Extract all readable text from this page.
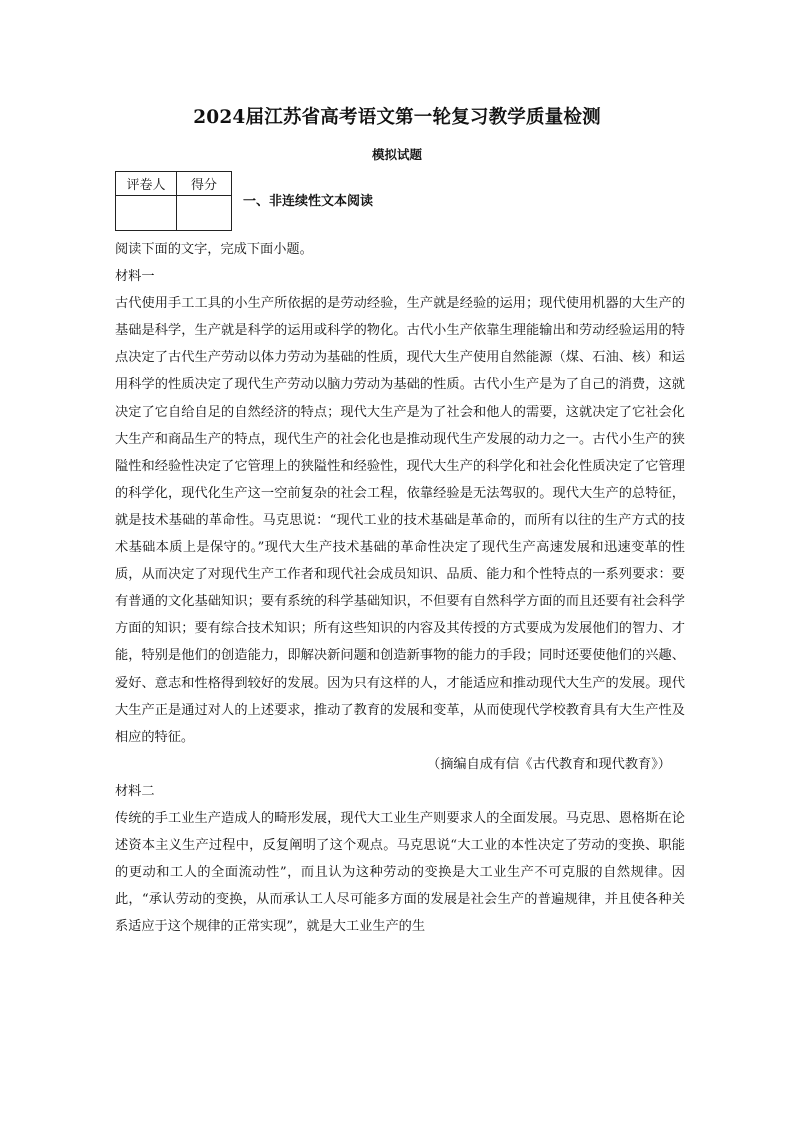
2024届江苏省高考语文第一轮复习教学质量检测
模拟试题
评卷人	得分

一、非连续性文本阅读

阅读下面的文字，完成下面小题。

材料一

古代使用手工工具的小生产所依据的是劳动经验，生产就是经验的运用；现代使用机器的大生产的基础是科学，生产就是科学的运用或科学的物化。古代小生产依靠生理能输出和劳动经验运用的特点决定了古代生产劳动以体力劳动为基础的性质，现代大生产使用自然能源（煤、石油、核）和运用科学的性质决定了现代生产劳动以脑力劳动为基础的性质。古代小生产是为了自己的消费，这就决定了它自给自足的自然经济的特点；现代大生产是为了社会和他人的需要，这就决定了它社会化大生产和商品生产的特点，现代生产的社会化也是推动现代生产发展的动力之一。古代小生产的狭隘性和经验性决定了它管理上的狭隘性和经验性，现代大生产的科学化和社会化性质决定了它管理的科学化，现代化生产这一空前复杂的社会工程，依靠经验是无法驾驭的。现代大生产的总特征，就是技术基础的革命性。马克思说：“现代工业的技术基础是革命的，而所有以往的生产方式的技术基础本质上是保守的。”现代大生产技术基础的革命性决定了现代生产高速发展和迅速变革的性质，从而决定了对现代生产工作者和现代社会成员知识、品质、能力和个性特点的一系列要求：要有普通的文化基础知识；要有系统的科学基础知识，不但要有自然科学方面的而且还要有社会科学方面的知识；要有综合技术知识；所有这些知识的内容及其传授的方式要成为发展他们的智力、才能，特别是他们的创造能力，即解决新问题和创造新事物的能力的手段；同时还要使他们的兴趣、爱好、意志和性格得到较好的发展。因为只有这样的人，才能适应和推动现代大生产的发展。现代大生产正是通过对人的上述要求，推动了教育的发展和变革，从而使现代学校教育具有大生产性及相应的特征。

（摘编自成有信《古代教育和现代教育》）

材料二

传统的手工业生产造成人的畸形发展，现代大工业生产则要求人的全面发展。马克思、恩格斯在论述资本主义生产过程中，反复阐明了这个观点。马克思说“大工业的本性决定了劳动的变换、职能的更动和工人的全面流动性”，而且认为这种劳动的变换是大工业生产不可克服的自然规律。因此，“承认劳动的变换，从而承认工人尽可能多方面的发展是社会生产的普遍规律，并且使各种关系适应于这个规律的正常实现”，就是大工业生产的生
